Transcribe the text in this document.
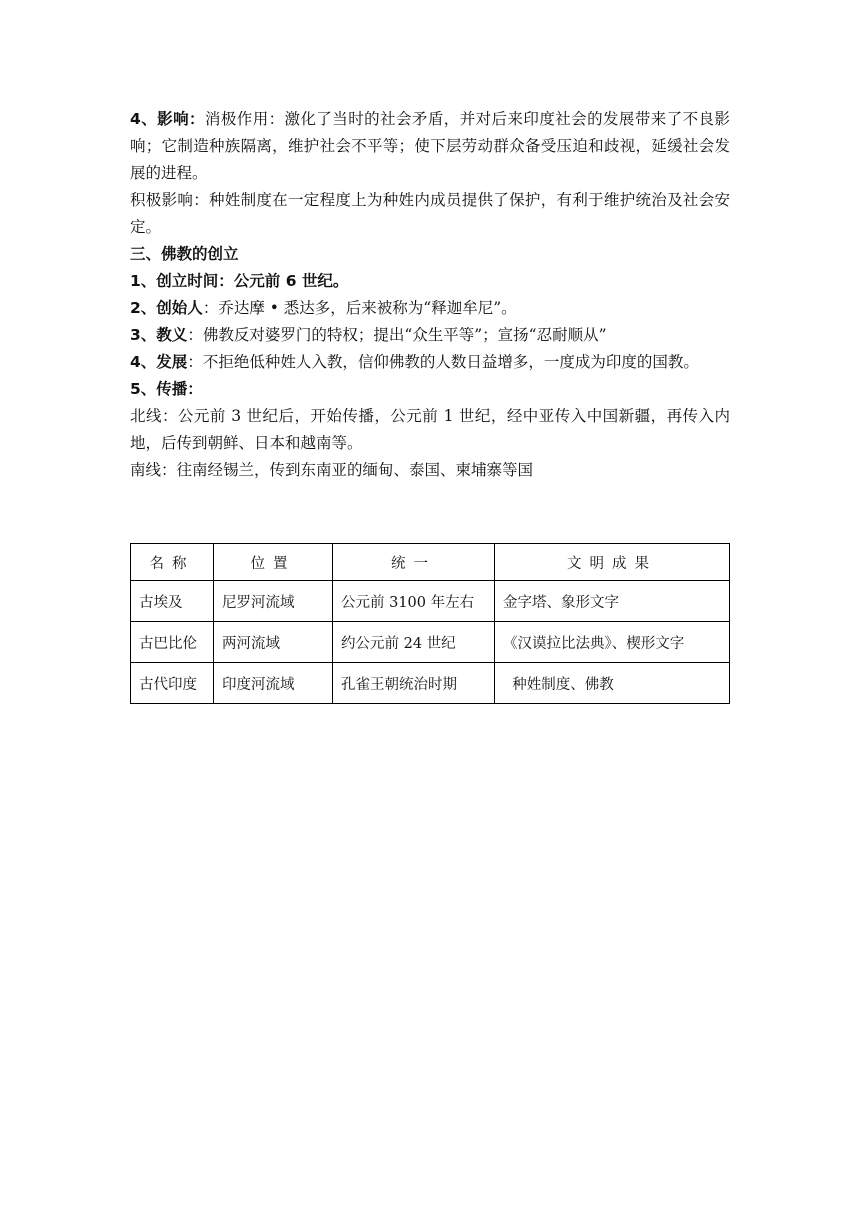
4、影响：消极作用：激化了当时的社会矛盾，并对后来印度社会的发展带来了不良影响；它制造种族隔离，维护社会不平等；使下层劳动群众备受压迫和歧视，延缓社会发展的进程。

积极影响：种姓制度在一定程度上为种姓内成员提供了保护，有利于维护统治及社会安定。

三、佛教的创立

1、创立时间：公元前 6 世纪。

2、创始人：乔达摩 • 悉达多，后来被称为“释迦牟尼”。

3、教义：佛教反对婆罗门的特权；提出“众生平等”；宣扬“忍耐顺从”

4、发展：不拒绝低种姓人入教，信仰佛教的人数日益增多，一度成为印度的国教。

5、传播：

北线：公元前 3 世纪后，开始传播，公元前 1 世纪，经中亚传入中国新疆，再传入内地，后传到朝鲜、日本和越南等。

南线：往南经锡兰，传到东南亚的缅甸、泰国、柬埔寨等国

名称	位置	统一	文明成果
古埃及	尼罗河流域	公元前 3100 年左右	金字塔、象形文字
古巴比伦	两河流域	约公元前 24 世纪	《汉谟拉比法典》、楔形文字
古代印度	印度河流域	孔雀王朝统治时期	种姓制度、佛教
